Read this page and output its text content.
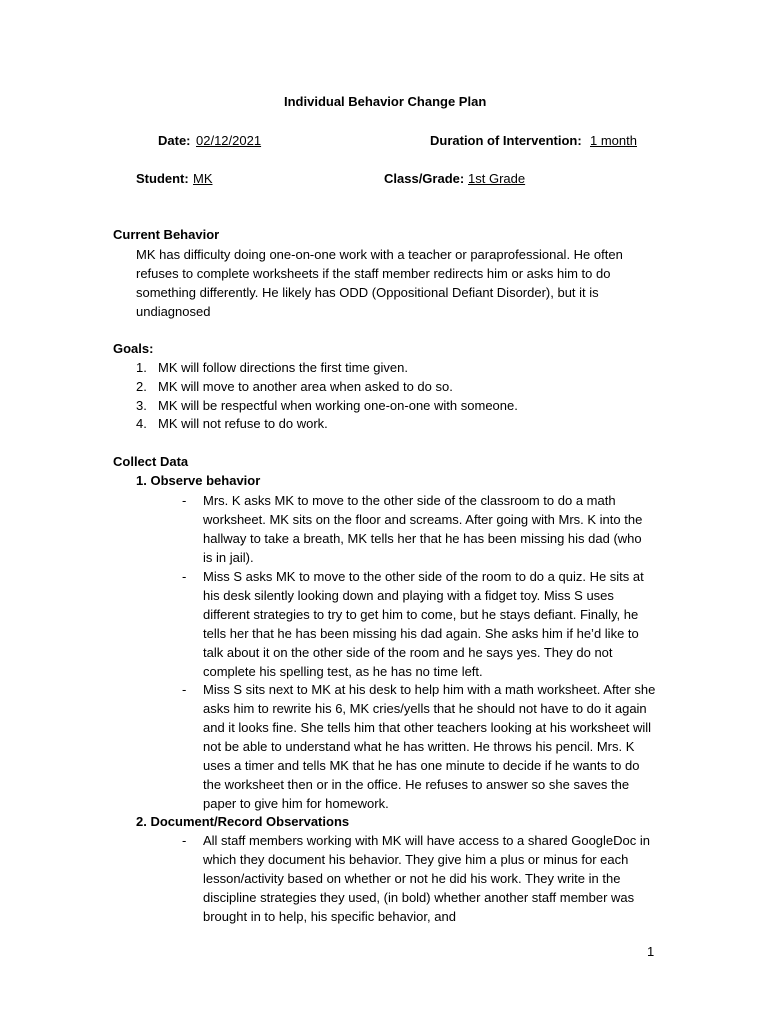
Individual Behavior Change Plan
Date: 02/12/2021	Duration of Intervention: 1 month
Student: MK	Class/Grade: 1st Grade
Current Behavior
MK has difficulty doing one-on-one work with a teacher or paraprofessional. He often refuses to complete worksheets if the staff member redirects him or asks him to do something differently. He likely has ODD (Oppositional Defiant Disorder), but it is undiagnosed
Goals:
1. MK will follow directions the first time given.
2. MK will move to another area when asked to do so.
3. MK will be respectful when working one-on-one with someone.
4. MK will not refuse to do work.
Collect Data
1. Observe behavior
- Mrs. K asks MK to move to the other side of the classroom to do a math worksheet. MK sits on the floor and screams. After going with Mrs. K into the hallway to take a breath, MK tells her that he has been missing his dad (who is in jail).
- Miss S asks MK to move to the other side of the room to do a quiz. He sits at his desk silently looking down and playing with a fidget toy. Miss S uses different strategies to try to get him to come, but he stays defiant. Finally, he tells her that he has been missing his dad again. She asks him if he’d like to talk about it on the other side of the room and he says yes. They do not complete his spelling test, as he has no time left.
- Miss S sits next to MK at his desk to help him with a math worksheet. After she asks him to rewrite his 6, MK cries/yells that he should not have to do it again and it looks fine. She tells him that other teachers looking at his worksheet will not be able to understand what he has written. He throws his pencil. Mrs. K uses a timer and tells MK that he has one minute to decide if he wants to do the worksheet then or in the office. He refuses to answer so she saves the paper to give him for homework.
2. Document/Record Observations
- All staff members working with MK will have access to a shared GoogleDoc in which they document his behavior. They give him a plus or minus for each lesson/activity based on whether or not he did his work. They write in the discipline strategies they used, (in bold) whether another staff member was brought in to help, his specific behavior, and
1
